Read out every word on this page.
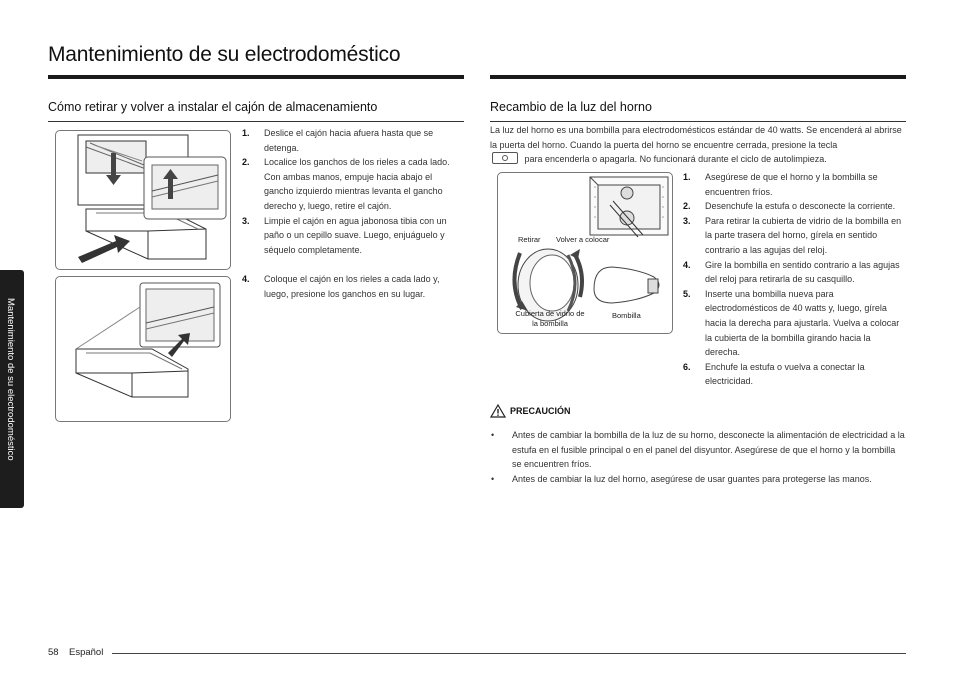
Mantenimiento de su electrodoméstico
Mantenimiento de su electrodoméstico
Cómo retirar y volver a instalar el cajón de almacenamiento	Recambio de la luz del horno
1. Deslice el cajón hacia afuera hasta que se detenga.
2. Localice los ganchos de los rieles a cada lado. Con ambas manos, empuje hacia abajo el gancho izquierdo mientras levanta el gancho derecho y, luego, retire el cajón.
3. Limpie el cajón en agua jabonosa tibia con un paño o un cepillo suave. Luego, enjuáguelo y séquelo completamente.
4. Coloque el cajón en los rieles a cada lado y, luego, presione los ganchos en su lugar.
La luz del horno es una bombilla para electrodomésticos estándar de 40 watts. Se encenderá al abrirse la puerta del horno. Cuando la puerta del horno se encuentre cerrada, presione la tecla
para encenderla o apagarla. No funcionará durante el ciclo de autolimpieza.
Retirar Volver a colocar
Cubierta de vidrio de la bombilla
Bombilla
1. Asegúrese de que el horno y la bombilla se encuentren fríos.
2. Desenchufe la estufa o desconecte la corriente.
3. Para retirar la cubierta de vidrio de la bombilla en la parte trasera del horno, gírela en sentido contrario a las agujas del reloj.
4. Gire la bombilla en sentido contrario a las agujas del reloj para retirarla de su casquillo.
5. Inserte una bombilla nueva para electrodomésticos de 40 watts y, luego, gírela hacia la derecha para ajustarla. Vuelva a colocar la cubierta de la bombilla girando hacia la derecha.
6. Enchufe la estufa o vuelva a conectar la electricidad.
PRECAUCIÓN
• Antes de cambiar la bombilla de la luz de su horno, desconecte la alimentación de electricidad a la estufa en el fusible principal o en el panel del disyuntor. Asegúrese de que el horno y la bombilla se encuentren fríos.
• Antes de cambiar la luz del horno, asegúrese de usar guantes para protegerse las manos.
58 Español
